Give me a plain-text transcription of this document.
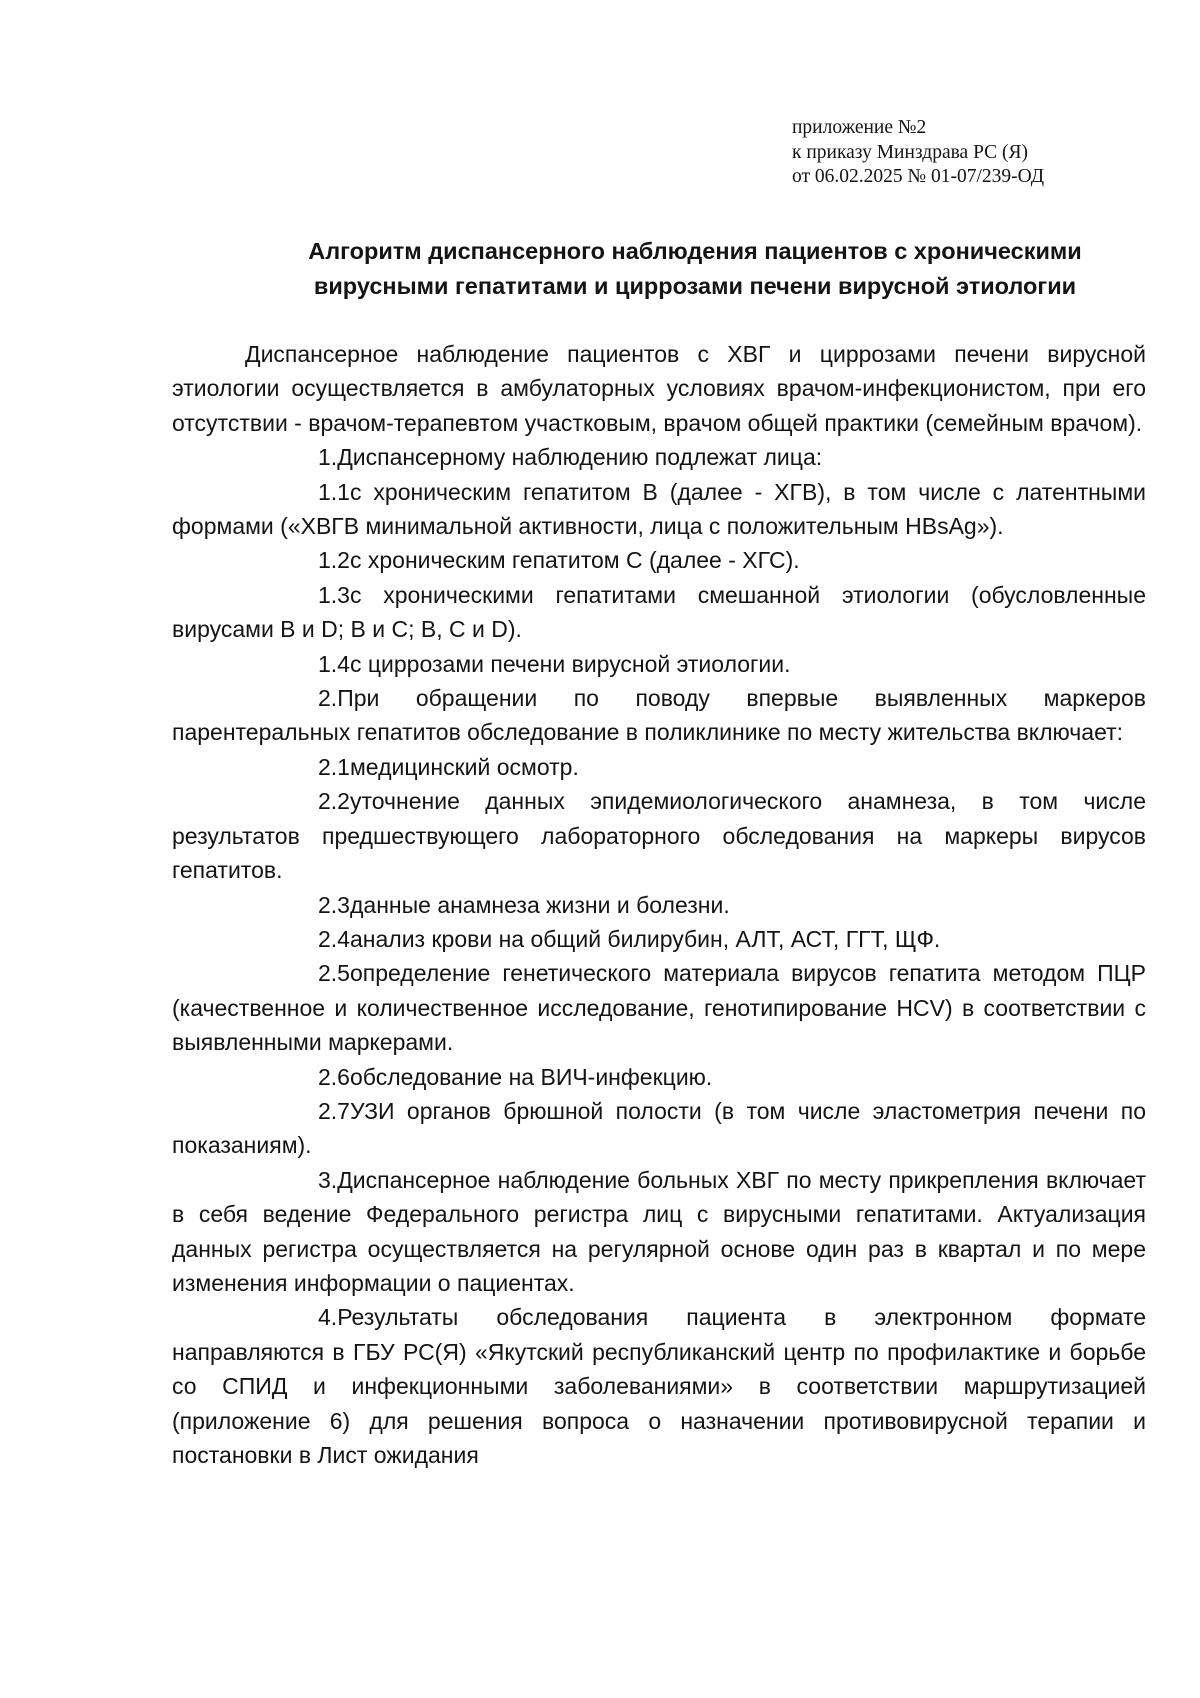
приложение №2
к приказу Минздрава РС (Я)
от 06.02.2025 № 01-07/239-ОД
Алгоритм диспансерного наблюдения пациентов с хроническими
вирусными гепатитами и циррозами печени вирусной этиологии

Диспансерное наблюдение пациентов с ХВГ и циррозами печени вирусной этиологии осуществляется в амбулаторных условиях врачом-инфекционистом, при его отсутствии - врачом-терапевтом участковым, врачом общей практики (семейным врачом).

1.Диспансерному наблюдению подлежат лица:

1.1с хроническим гепатитом B (далее - ХГВ), в том числе с латентными формами («ХВГВ минимальной активности, лица с положительным HBsAg»).

1.2с хроническим гепатитом C (далее - ХГС).

1.3с хроническими гепатитами смешанной этиологии (обусловленные вирусами B и D; B и C; B, C и D).

1.4с циррозами печени вирусной этиологии.

2.При обращении по поводу впервые выявленных маркеров парентеральных гепатитов обследование в поликлинике по месту жительства включает:

2.1медицинский осмотр.

2.2уточнение данных эпидемиологического анамнеза, в том числе результатов предшествующего лабораторного обследования на маркеры вирусов гепатитов.

2.3данные анамнеза жизни и болезни.

2.4анализ крови на общий билирубин, АЛТ, АСТ, ГГТ, ЩФ.

2.5определение генетического материала вирусов гепатита методом ПЦР (качественное и количественное исследование, генотипирование HCV) в соответствии с выявленными маркерами.

2.6обследование на ВИЧ-инфекцию.

2.7УЗИ органов брюшной полости (в том числе эластометрия печени по показаниям).

3.Диспансерное наблюдение больных ХВГ по месту прикрепления включает в себя ведение Федерального регистра лиц с вирусными гепатитами. Актуализация данных регистра осуществляется на регулярной основе один раз в квартал и по мере изменения информации о пациентах.

4.Результаты обследования пациента в электронном формате направляются в ГБУ РС(Я) «Якутский республиканский центр по профилактике и борьбе со СПИД и инфекционными заболеваниями» в соответствии маршрутизацией (приложение 6) для решения вопроса о назначении противовирусной терапии и постановки в Лист ожидания
